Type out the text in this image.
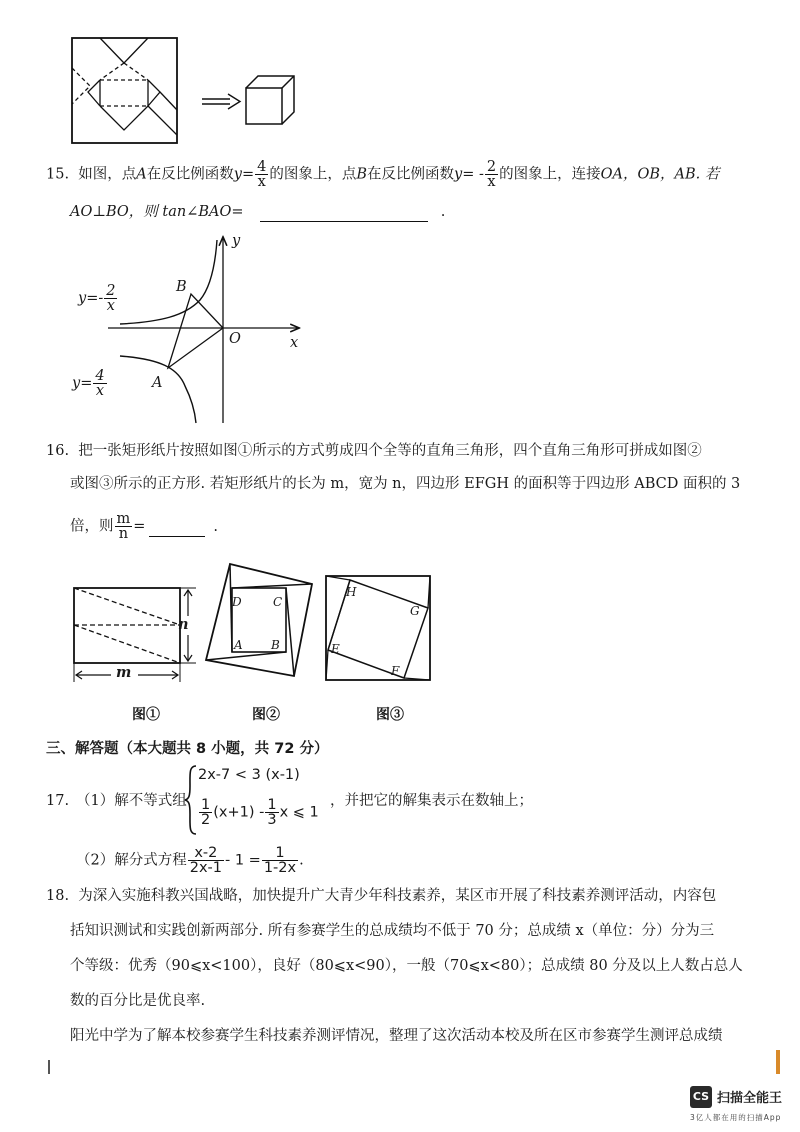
15. 如图，点A在反比例函数$y= \frac{4}{x}$ 的图象上，点B在反比例函数$y= - \frac{2}{x}$ 的图象上，连接OA，OB，AB. 若
AO⊥BO，则 tan∠BAO=	.
y
x
O
B
A
$y=- \frac{2}{x}$
$y= \frac{4}{x}$
16. 把一张矩形纸片按照如图①所示的方式剪成四个全等的直角三角形，四个直角三角形可拼成如图②
或图③所示的正方形. 若矩形纸片的长为 m，宽为 n，四边形 EFGH 的面积等于四边形 ABCD 面积的 3
倍，则 $\frac{m}{n}$ =	.
n
m
图①
D	C
A B
图②
H
G
E
F
图③
三、解答题（本大题共 8 小题，共 72 分）
17. （1）解不等式组
2x-7 < 3 (x-1)
$\frac{1}{2} (x+1) - \frac{1}{3}$ x ⩽ 1
，并把它的解集表示在数轴上；
（2）解分式方程 $\frac{x-2}{2x-1} - 1 = \frac{1}{1-2x}$ .
18. 为深入实施科教兴国战略，加快提升广大青少年科技素养，某区市开展了科技素养测评活动，内容包
括知识测试和实践创新两部分. 所有参赛学生的总成绩均不低于 70 分；总成绩 x（单位：分）分为三
个等级：优秀（90⩽x<100），良好（80⩽x<90），一般（70⩽x<80）；总成绩 80 分及以上人数占总人
数的百分比是优良率.
阳光中学为了解本校参赛学生科技素养测评情况，整理了这次活动本校及所在区市参赛学生测评总成绩
CS 扫描全能王
3亿人都在用的扫描App
